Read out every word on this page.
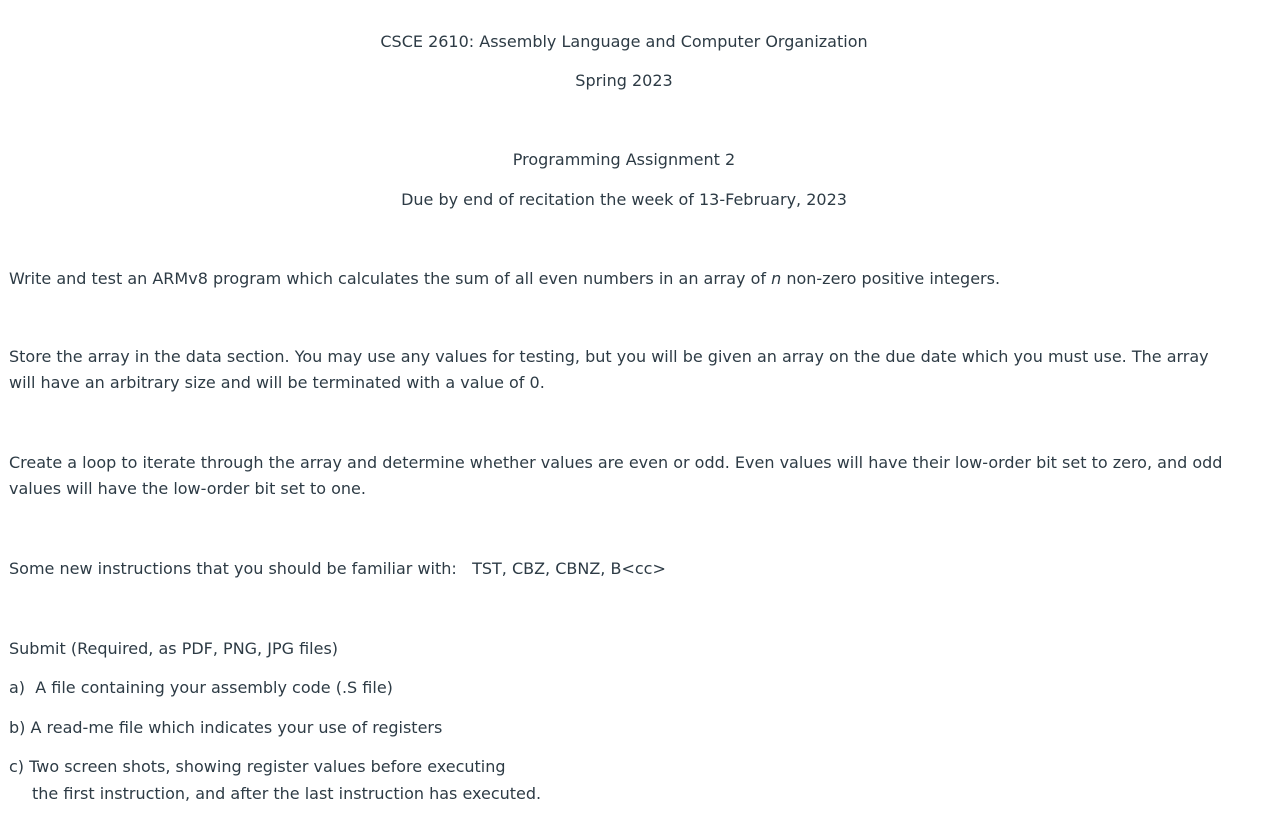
CSCE 2610: Assembly Language and Computer Organization
Spring 2023
Programming Assignment 2
Due by end of recitation the week of 13-February, 2023
Write and test an ARMv8 program which calculates the sum of all even numbers in an array of n non-zero positive integers.
Store the array in the data section. You may use any values for testing, but you will be given an array on the due date which you must use. The array will have an arbitrary size and will be terminated with a value of 0.
Create a loop to iterate through the array and determine whether values are even or odd. Even values will have their low-order bit set to zero, and odd values will have the low-order bit set to one.
Some new instructions that you should be familiar with:   TST, CBZ, CBNZ, B<cc>
Submit (Required, as PDF, PNG, JPG files)
a)  A file containing your assembly code (.S file)
b) A read-me file which indicates your use of registers
c) Two screen shots, showing register values before executing
the first instruction, and after the last instruction has executed.
